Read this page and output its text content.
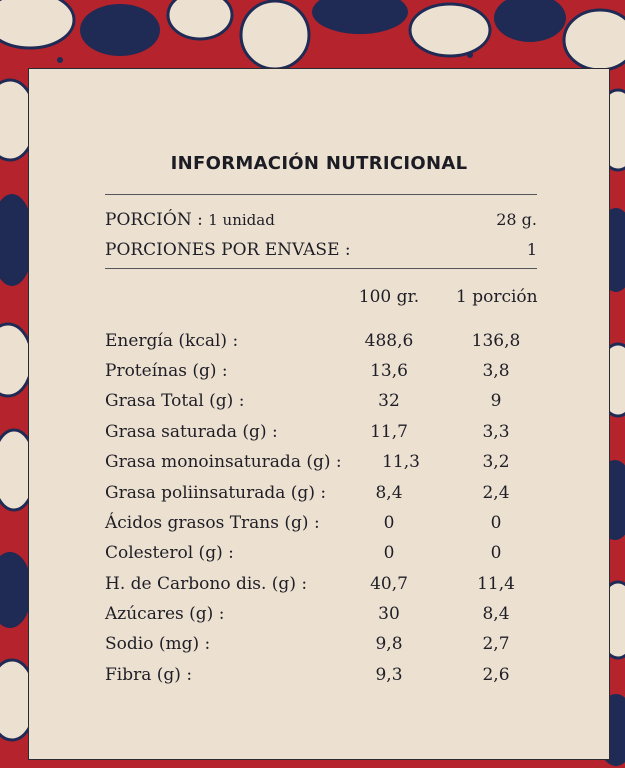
INFORMACIÓN NUTRICIONAL
PORCIÓN : 1 unidad	28 g.
PORCIONES POR ENVASE :	1
100 gr.	1 porción
Energía (kcal) :	488,6	136,8
Proteínas (g) :	13,6	3,8
Grasa Total (g) :	32	9
Grasa saturada (g) :	11,7	3,3
Grasa monoinsaturada (g) :	11,3	3,2
Grasa poliinsaturada (g) :	8,4	2,4
Ácidos grasos Trans (g) :	0	0
Colesterol (g) :	0	0
H. de Carbono dis. (g) :	40,7	11,4
Azúcares (g) :	30	8,4
Sodio (mg) :	9,8	2,7
Fibra (g) :	9,3	2,6
